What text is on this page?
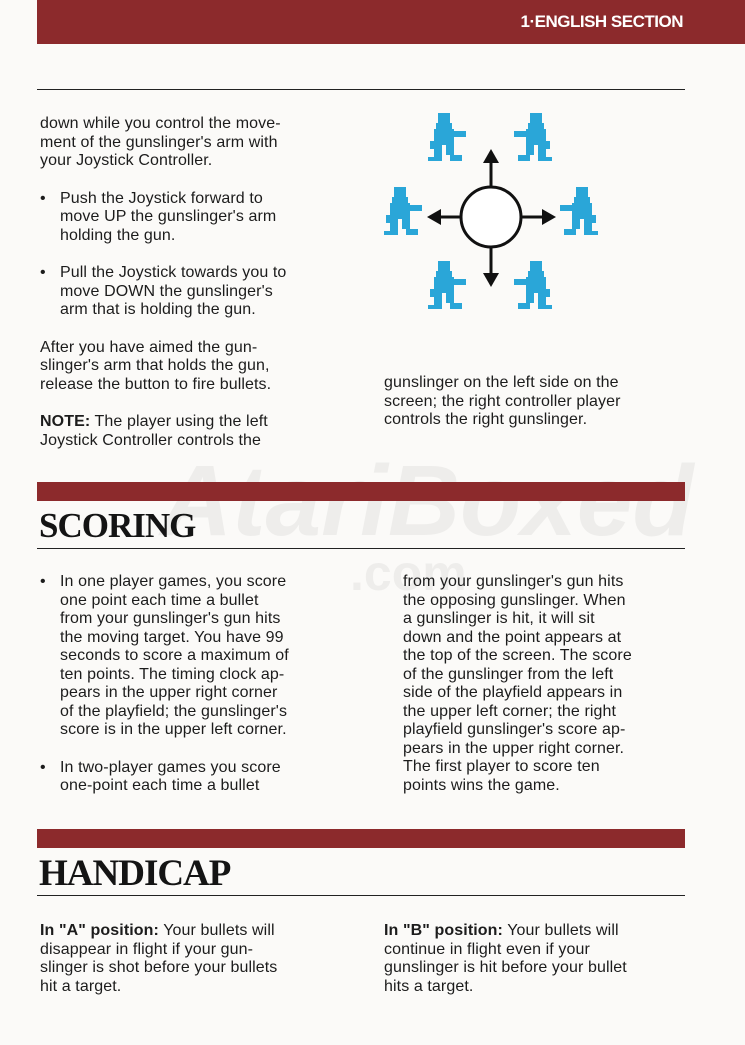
1·ENGLISH SECTION
AtariBoxed
.com

down while you control the move-
ment of the gunslinger's arm with
your Joystick Controller.

• Push the Joystick forward to
move UP the gunslinger's arm
holding the gun.

• Pull the Joystick towards you to
move DOWN the gunslinger's
arm that is holding the gun.

After you have aimed the gun-
slinger's arm that holds the gun,
release the button to fire bullets.

NOTE: The player using the left
Joystick Controller controls the

gunslinger on the left side on the
screen; the right controller player
controls the right gunslinger.

SCORING

• In one player games, you score
one point each time a bullet
from your gunslinger's gun hits
the moving target. You have 99
seconds to score a maximum of
ten points. The timing clock ap-
pears in the upper right corner
of the playfield; the gunslinger's
score is in the upper left corner.

• In two-player games you score
one-point each time a bullet

from your gunslinger's gun hits
the opposing gunslinger. When
a gunslinger is hit, it will sit
down and the point appears at
the top of the screen. The score
of the gunslinger from the left
side of the playfield appears in
the upper left corner; the right
playfield gunslinger's score ap-
pears in the upper right corner.
The first player to score ten
points wins the game.

HANDICAP

In "A" position: Your bullets will
disappear in flight if your gun-
slinger is shot before your bullets
hit a target.

In "B" position: Your bullets will
continue in flight even if your
gunslinger is hit before your bullet
hits a target.
